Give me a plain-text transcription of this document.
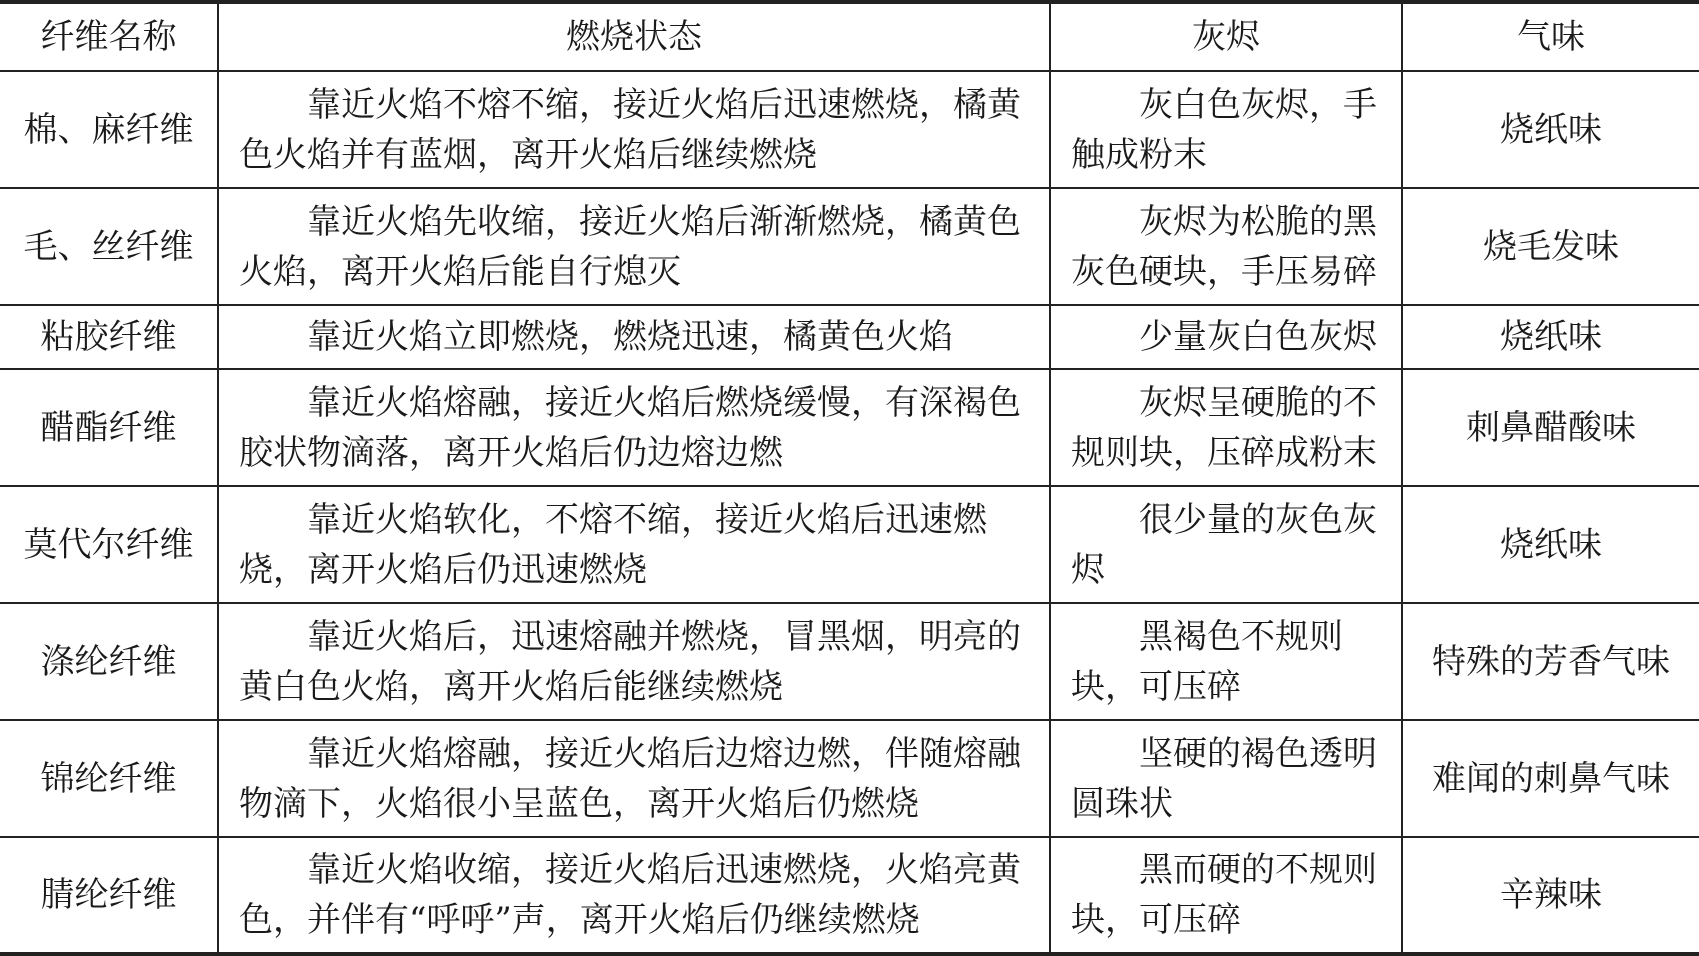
纤维名称	燃烧状态	灰烬	气味
棉、麻纤维	靠近火焰不熔不缩，接近火焰后迅速燃烧，橘黄色火焰并有蓝烟，离开火焰后继续燃烧	灰白色灰烬，手触成粉末	烧纸味
毛、丝纤维	靠近火焰先收缩，接近火焰后渐渐燃烧，橘黄色火焰，离开火焰后能自行熄灭	灰烬为松脆的黑灰色硬块，手压易碎	烧毛发味
粘胶纤维	靠近火焰立即燃烧，燃烧迅速，橘黄色火焰	少量灰白色灰烬	烧纸味
醋酯纤维	靠近火焰熔融，接近火焰后燃烧缓慢，有深褐色胶状物滴落，离开火焰后仍边熔边燃	灰烬呈硬脆的不规则块，压碎成粉末	刺鼻醋酸味
莫代尔纤维	靠近火焰软化，不熔不缩，接近火焰后迅速燃烧，离开火焰后仍迅速燃烧	很少量的灰色灰烬	烧纸味
涤纶纤维	靠近火焰后，迅速熔融并燃烧，冒黑烟，明亮的黄白色火焰，离开火焰后能继续燃烧	黑褐色不规则块，可压碎	特殊的芳香气味
锦纶纤维	靠近火焰熔融，接近火焰后边熔边燃，伴随熔融物滴下，火焰很小呈蓝色，离开火焰后仍燃烧	坚硬的褐色透明圆珠状	难闻的刺鼻气味
腈纶纤维	靠近火焰收缩，接近火焰后迅速燃烧，火焰亮黄色，并伴有“呼呼”声，离开火焰后仍继续燃烧	黑而硬的不规则块，可压碎	辛辣味
